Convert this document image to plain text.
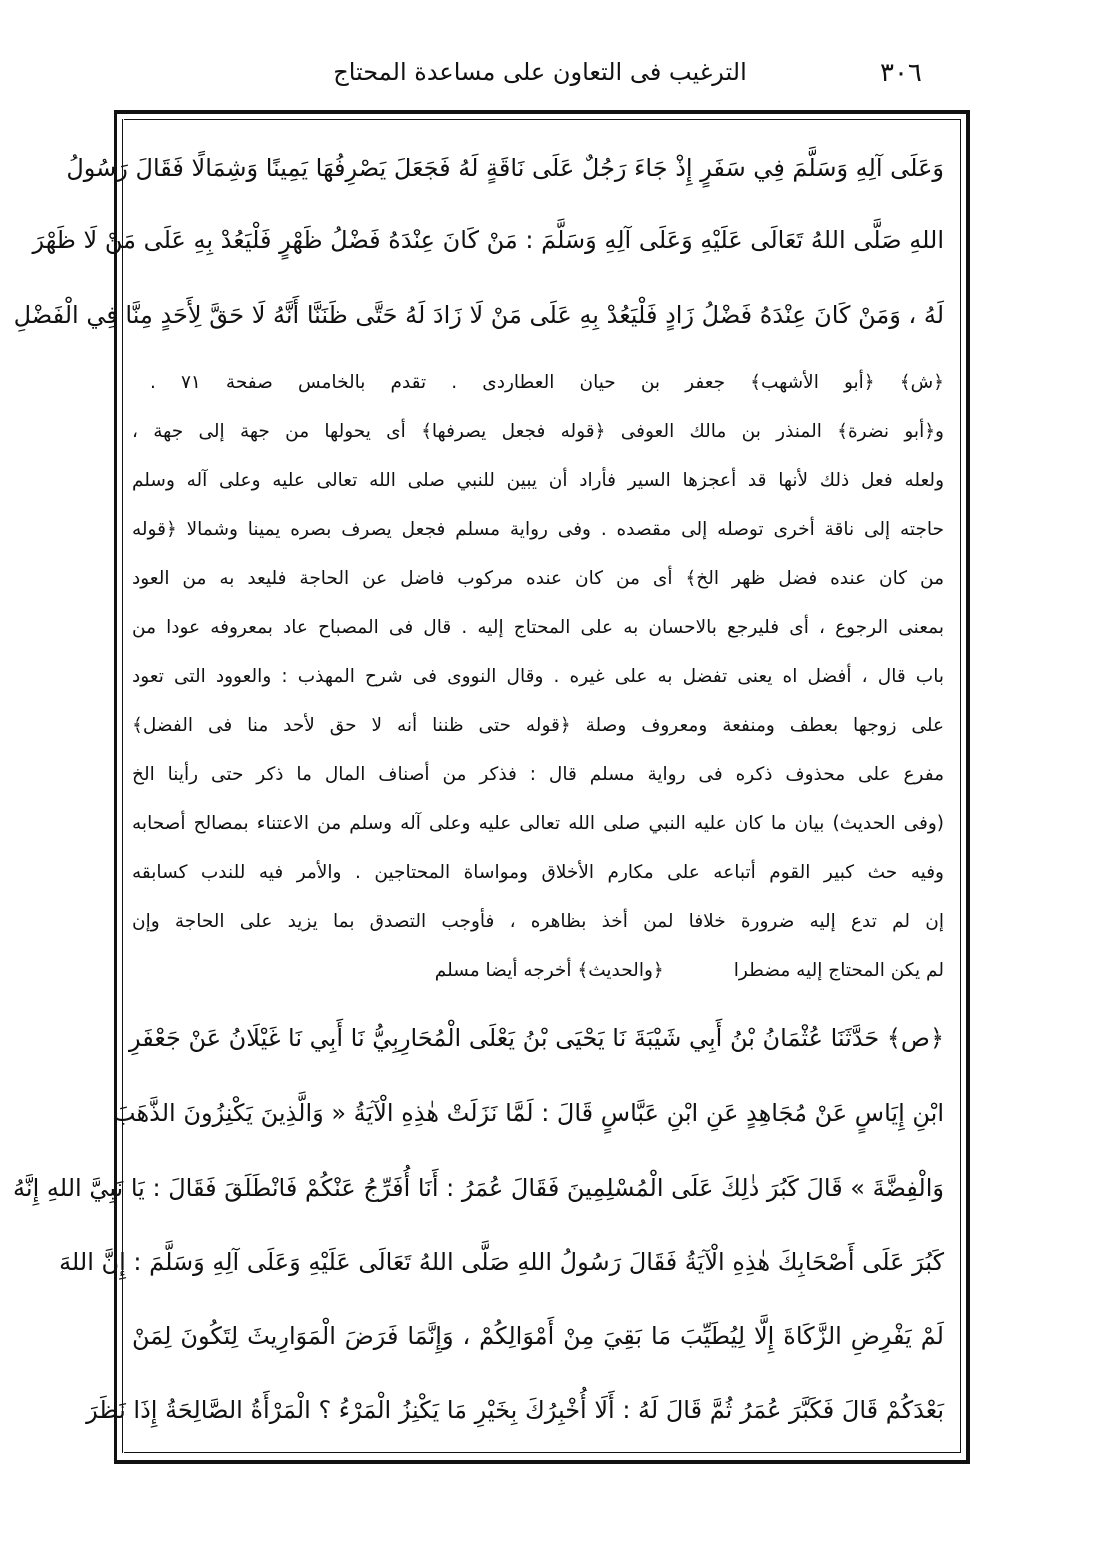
٣٠٦
الترغيب فى التعاون على مساعدة المحتاج
وَعَلَى آلِهِ وَسَلَّمَ فِي سَفَرٍ إِذْ جَاءَ رَجُلٌ عَلَى نَاقَةٍ لَهُ فَجَعَلَ يَصْرِفُهَا يَمِينًا وَشِمَالًا فَقَالَ رَسُولُ
اللهِ صَلَّى اللهُ تَعَالَى عَلَيْهِ وَعَلَى آلِهِ وَسَلَّمَ : مَنْ كَانَ عِنْدَهُ فَضْلُ ظَهْرٍ فَلْيَعُدْ بِهِ عَلَى مَنْ لَا ظَهْرَ
لَهُ ، وَمَنْ كَانَ عِنْدَهُ فَضْلُ زَادٍ فَلْيَعُدْ بِهِ عَلَى مَنْ لَا زَادَ لَهُ حَتَّى ظَنَنَّا أَنَّهُ لَا حَقَّ لِأَحَدٍ مِنَّا فِي الْفَضْلِ
﴿ش﴾ ﴿أبو الأشهب﴾ جعفر بن حيان العطاردى . تقدم بالخامس صفحة ٧١ .
و﴿أبو نضرة﴾ المنذر بن مالك العوفى ﴿قوله فجعل يصرفها﴾ أى يحولها من جهة إلى جهة ،
ولعله فعل ذلك لأنها قد أعجزها السير فأراد أن يبين للنبي صلى الله تعالى عليه وعلى آله وسلم
حاجته إلى ناقة أخرى توصله إلى مقصده . وفى رواية مسلم فجعل يصرف بصره يمينا وشمالا ﴿قوله
من كان عنده فضل ظهر الخ﴾ أى من كان عنده مركوب فاضل عن الحاجة فليعد به من العود
بمعنى الرجوع ، أى فليرجع بالاحسان به على المحتاج إليه . قال فى المصباح عاد بمعروفه عودا من
باب قال ، أفضل اه يعنى تفضل به على غيره . وقال النووى فى شرح المهذب : والعوود التى تعود
على زوجها بعطف ومنفعة ومعروف وصلة ﴿قوله حتى ظننا أنه لا حق لأحد منا فى الفضل﴾
مفرع على محذوف ذكره فى رواية مسلم قال : فذكر من أصناف المال ما ذكر حتى رأينا الخ
(وفى الحديث) بيان ما كان عليه النبي صلى الله تعالى عليه وعلى آله وسلم من الاعتناء بمصالح أصحابه
وفيه حث كبير القوم أتباعه على مكارم الأخلاق ومواساة المحتاجين . والأمر فيه للندب كسابقه
إن لم تدع إليه ضرورة خلافا لمن أخذ بظاهره ، فأوجب التصدق بما يزيد على الحاجة وإن
لم يكن المحتاج إليه مضطرا
﴿والحديث﴾ أخرجه أيضا مسلم
﴿ص﴾ حَدَّثَنَا عُثْمَانُ بْنُ أَبِي شَيْبَةَ نَا يَحْيَى بْنُ يَعْلَى الْمُحَارِبِيُّ نَا أَبِي نَا غَيْلَانُ عَنْ جَعْفَرِ
ابْنِ إِيَاسٍ عَنْ مُجَاهِدٍ عَنِ ابْنِ عَبَّاسٍ قَالَ : لَمَّا نَزَلَتْ هٰذِهِ الْآيَةُ « وَالَّذِينَ يَكْنِزُونَ الذَّهَبَ
وَالْفِضَّةَ » قَالَ كَبُرَ ذٰلِكَ عَلَى الْمُسْلِمِينَ فَقَالَ عُمَرُ : أَنَا أُفَرِّجُ عَنْكُمْ فَانْطَلَقَ فَقَالَ : يَا نَبِيَّ اللهِ إِنَّهُ
كَبُرَ عَلَى أَصْحَابِكَ هٰذِهِ الْآيَةُ فَقَالَ رَسُولُ اللهِ صَلَّى اللهُ تَعَالَى عَلَيْهِ وَعَلَى آلِهِ وَسَلَّمَ : إِنَّ اللهَ
لَمْ يَفْرِضِ الزَّكَاةَ إِلَّا لِيُطَيِّبَ مَا بَقِيَ مِنْ أَمْوَالِكُمْ ، وَإِنَّمَا فَرَضَ الْمَوَارِيثَ لِتَكُونَ لِمَنْ
بَعْدَكُمْ قَالَ فَكَبَّرَ عُمَرُ ثُمَّ قَالَ لَهُ : أَلَا أُخْبِرُكَ بِخَيْرِ مَا يَكْنِزُ الْمَرْءُ ؟ الْمَرْأَةُ الصَّالِحَةُ إِذَا نَظَرَ
